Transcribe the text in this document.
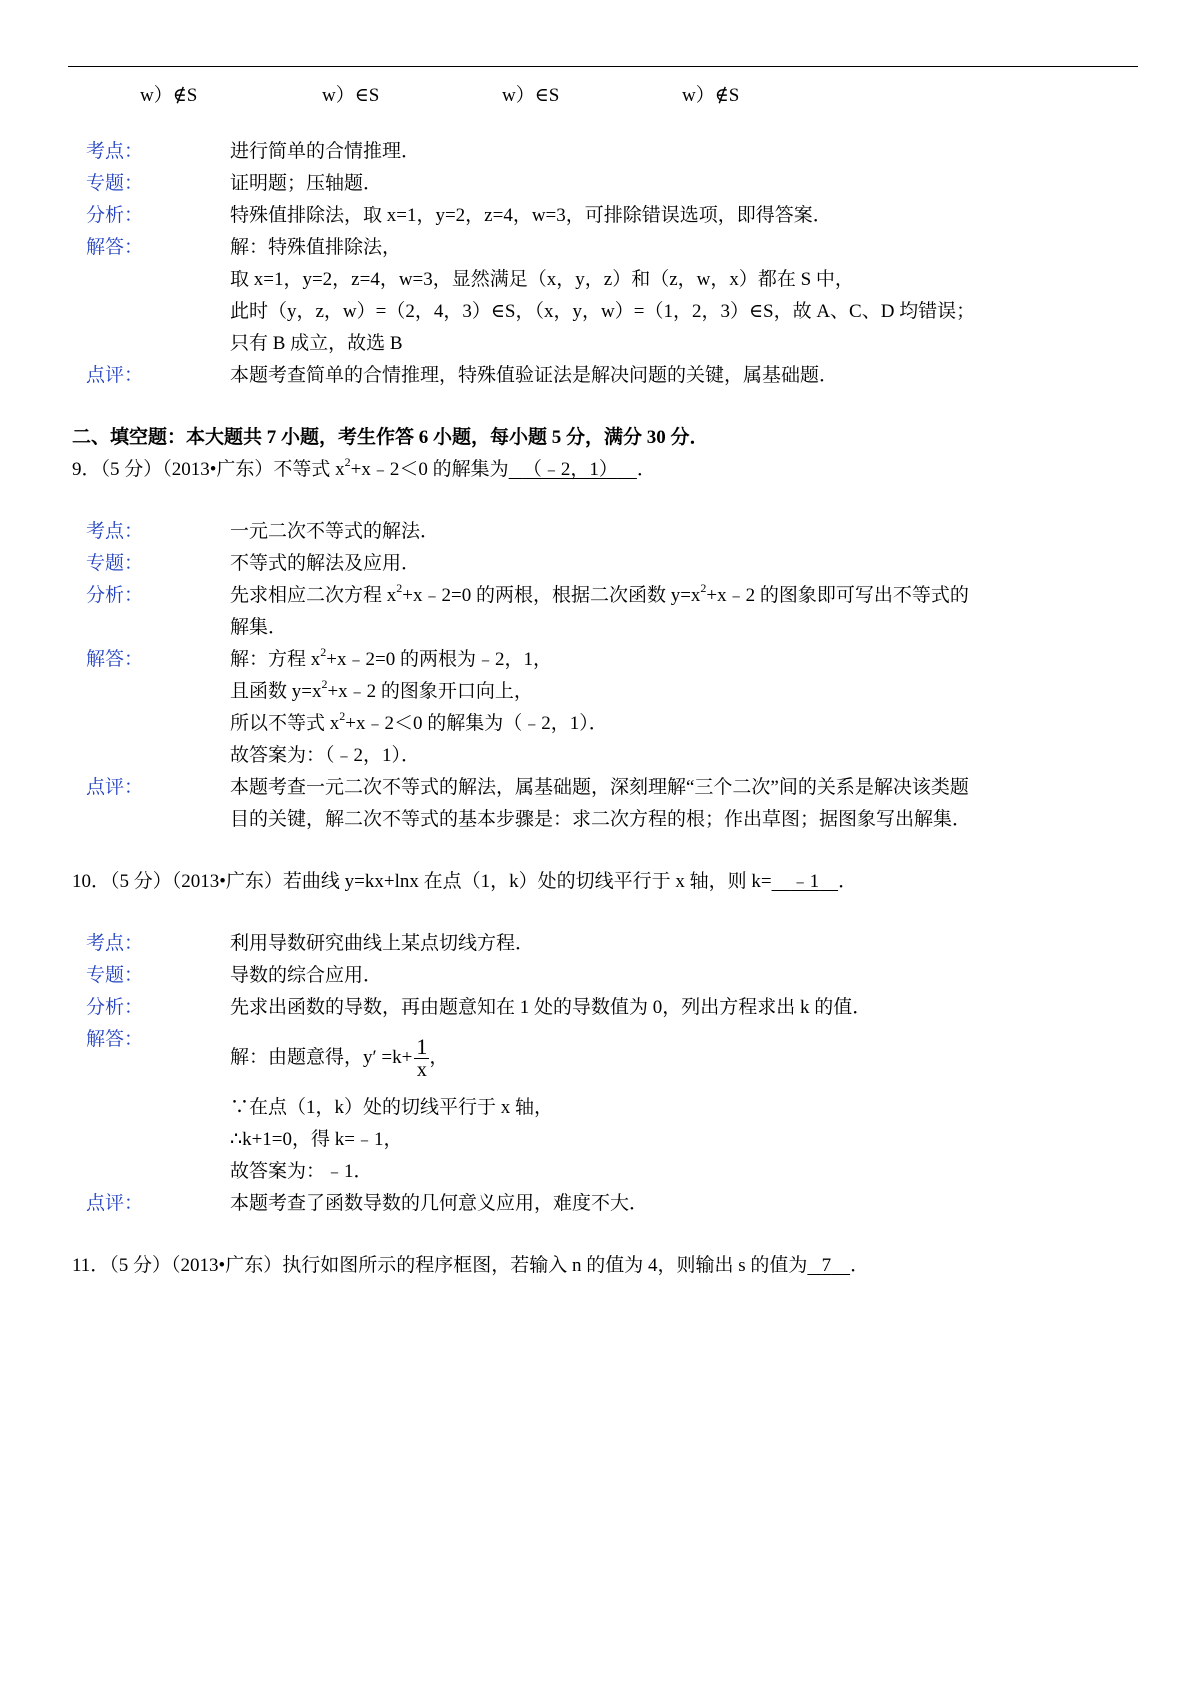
w）∉S	w）∈S	w）∈S	w）∉S
考点：	进行简单的合情推理．
专题：	证明题；压轴题．
分析：	特殊值排除法，取 x=1，y=2，z=4，w=3，可排除错误选项，即得答案．
解答：	解：特殊值排除法，
取 x=1，y=2，z=4，w=3，显然满足（x，y，z）和（z，w，x）都在 S 中，
此时（y，z，w）=（2，4，3）∈S，（x，y，w）=（1，2，3）∈S，故 A、C、D 均错误；
只有 B 成立，故选 B
点评：	本题考查简单的合情推理，特殊值验证法是解决问题的关键，属基础题．
二、填空题：本大题共 7 小题，考生作答 6 小题，每小题 5 分，满分 30 分．
9．（5 分）（2013•广东）不等式 $x^2+x﹣2<0$ 的解集为 （﹣2，1） ．
考点：	一元二次不等式的解法．
专题：	不等式的解法及应用．
分析：	先求相应二次方程 $x^2+x﹣2=0$ 的两根，根据二次函数 $y=x^2+x﹣2$ 的图象即可写出不等式的
解集．
解答：	解：方程 $x^2+x﹣2=0$ 的两根为﹣2，1，
且函数 $y=x^2+x﹣2$ 的图象开口向上，
所以不等式 $x^2+x﹣2<0$ 的解集为（﹣2，1）．
故答案为：（﹣2，1）．
点评：	本题考查一元二次不等式的解法，属基础题，深刻理解“三个二次”间的关系是解决该类题
目的关键，解二次不等式的基本步骤是：求二次方程的根；作出草图；据图象写出解集．
10．（5 分）（2013•广东）若曲线 y=kx+lnx 在点（1，k）处的切线平行于 x 轴，则 k= ﹣1 ．
考点：	利用导数研究曲线上某点切线方程．
专题：	导数的综合应用．
分析：	先求出函数的导数，再由题意知在 1 处的导数值为 0，列出方程求出 k 的值．
解答：
解：由题意得，$y' =k+ \frac{1}{x}$ ，
∵在点（1，k）处的切线平行于 x 轴，
∴k+1=0，得 k=﹣1，
故答案为：﹣1．
点评：	本题考查了函数导数的几何意义应用，难度不大．
11．（5 分）（2013•广东）执行如图所示的程序框图，若输入 n 的值为 4，则输出 s 的值为 7 ．
